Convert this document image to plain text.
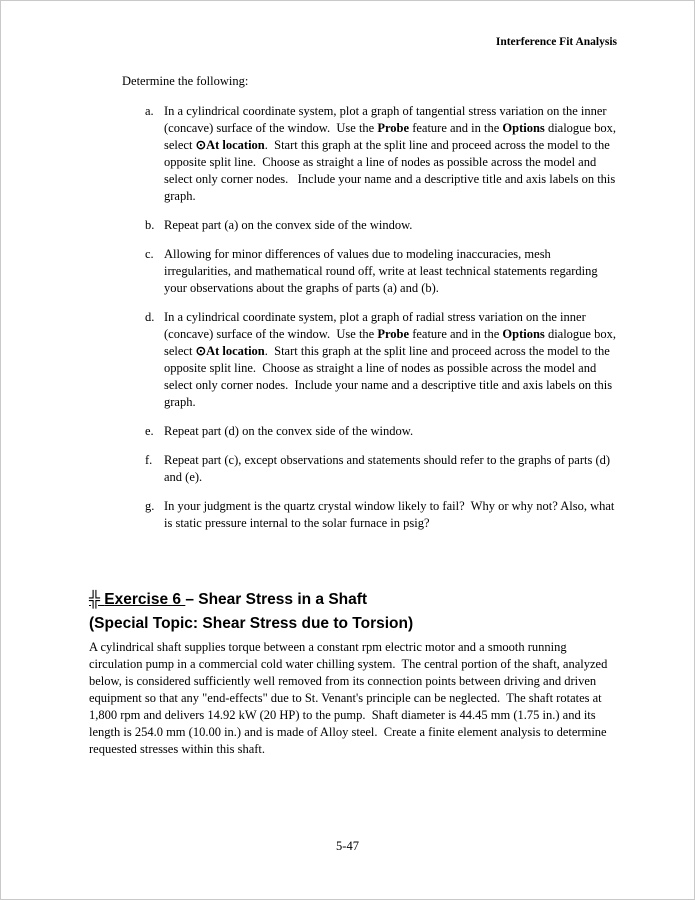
Interference Fit Analysis
Determine the following:
a. In a cylindrical coordinate system, plot a graph of tangential stress variation on the inner (concave) surface of the window.  Use the Probe feature and in the Options dialogue box, select ⊙At location.  Start this graph at the split line and proceed across the model to the opposite split line.  Choose as straight a line of nodes as possible across the model and select only corner nodes.   Include your name and a descriptive title and axis labels on this graph.
b. Repeat part (a) on the convex side of the window.
c. Allowing for minor differences of values due to modeling inaccuracies, mesh irregularities, and mathematical round off, write at least technical statements regarding your observations about the graphs of parts (a) and (b).
d. In a cylindrical coordinate system, plot a graph of radial stress variation on the inner (concave) surface of the window.  Use the Probe feature and in the Options dialogue box, select ⊙At location.  Start this graph at the split line and proceed across the model to the opposite split line.  Choose as straight a line of nodes as possible across the model and select only corner nodes.  Include your name and a descriptive title and axis labels on this graph.
e. Repeat part (d) on the convex side of the window.
f. Repeat part (c), except observations and statements should refer to the graphs of parts (d) and (e).
g. In your judgment is the quartz crystal window likely to fail?  Why or why not? Also, what is static pressure internal to the solar furnace in psig?
╬ Exercise 6 – Shear Stress in a Shaft
(Special Topic: Shear Stress due to Torsion)
A cylindrical shaft supplies torque between a constant rpm electric motor and a smooth running circulation pump in a commercial cold water chilling system.  The central portion of the shaft, analyzed below, is considered sufficiently well removed from its connection points between driving and driven equipment so that any "end-effects" due to St. Venant's principle can be neglected.  The shaft rotates at 1,800 rpm and delivers 14.92 kW (20 HP) to the pump.  Shaft diameter is 44.45 mm (1.75 in.) and its length is 254.0 mm (10.00 in.) and is made of Alloy steel.  Create a finite element analysis to determine requested stresses within this shaft.
5-47
